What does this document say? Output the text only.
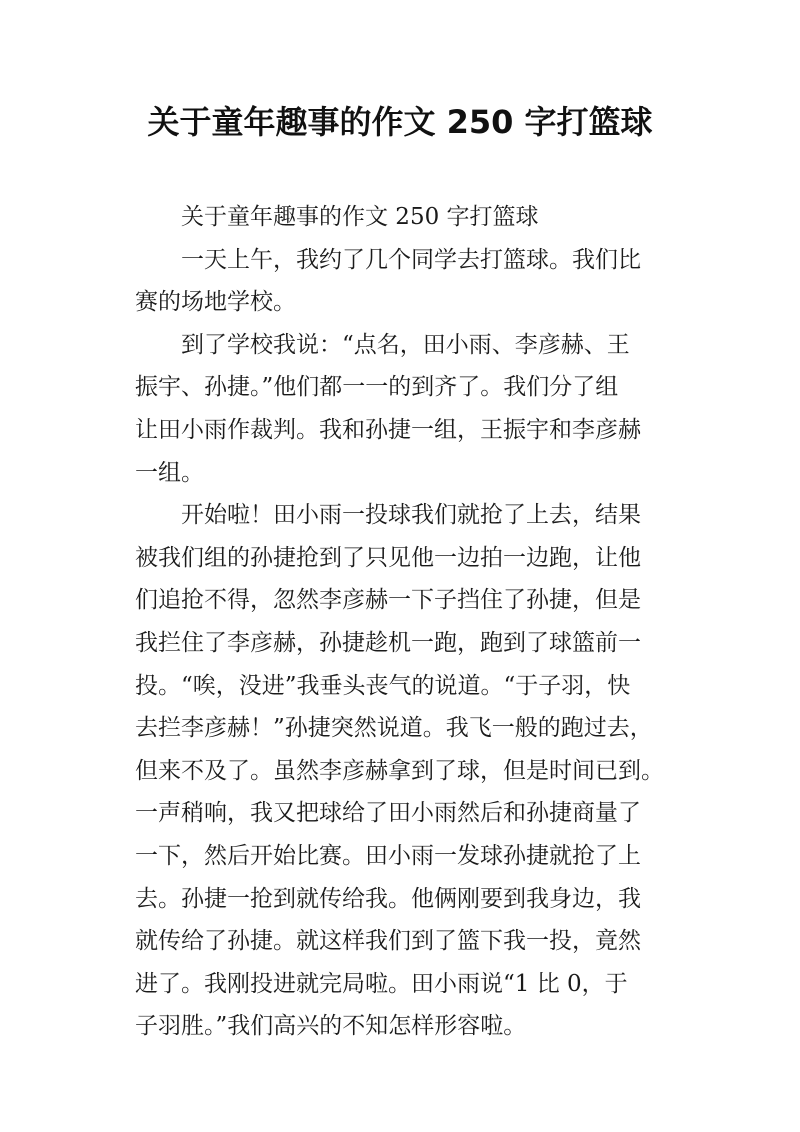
关于童年趣事的作文 250 字打篮球
关于童年趣事的作文 250 字打篮球
一天上午，我约了几个同学去打篮球。我们比
赛的场地学校。
到了学校我说：“点名，田小雨、李彦赫、王
振宇、孙捷。”他们都一一的到齐了。我们分了组
让田小雨作裁判。我和孙捷一组，王振宇和李彦赫
一组。
开始啦！田小雨一投球我们就抢了上去，结果
被我们组的孙捷抢到了只见他一边拍一边跑，让他
们追抢不得，忽然李彦赫一下子挡住了孙捷，但是
我拦住了李彦赫，孙捷趁机一跑，跑到了球篮前一
投。“唉，没进”我垂头丧气的说道。“于子羽，快
去拦李彦赫！”孙捷突然说道。我飞一般的跑过去，
但来不及了。虽然李彦赫拿到了球，但是时间已到。
一声稍响，我又把球给了田小雨然后和孙捷商量了
一下，然后开始比赛。田小雨一发球孙捷就抢了上
去。孙捷一抢到就传给我。他俩刚要到我身边，我
就传给了孙捷。就这样我们到了篮下我一投，竟然
进了。我刚投进就完局啦。田小雨说“1 比 0，于
子羽胜。”我们高兴的不知怎样形容啦。
